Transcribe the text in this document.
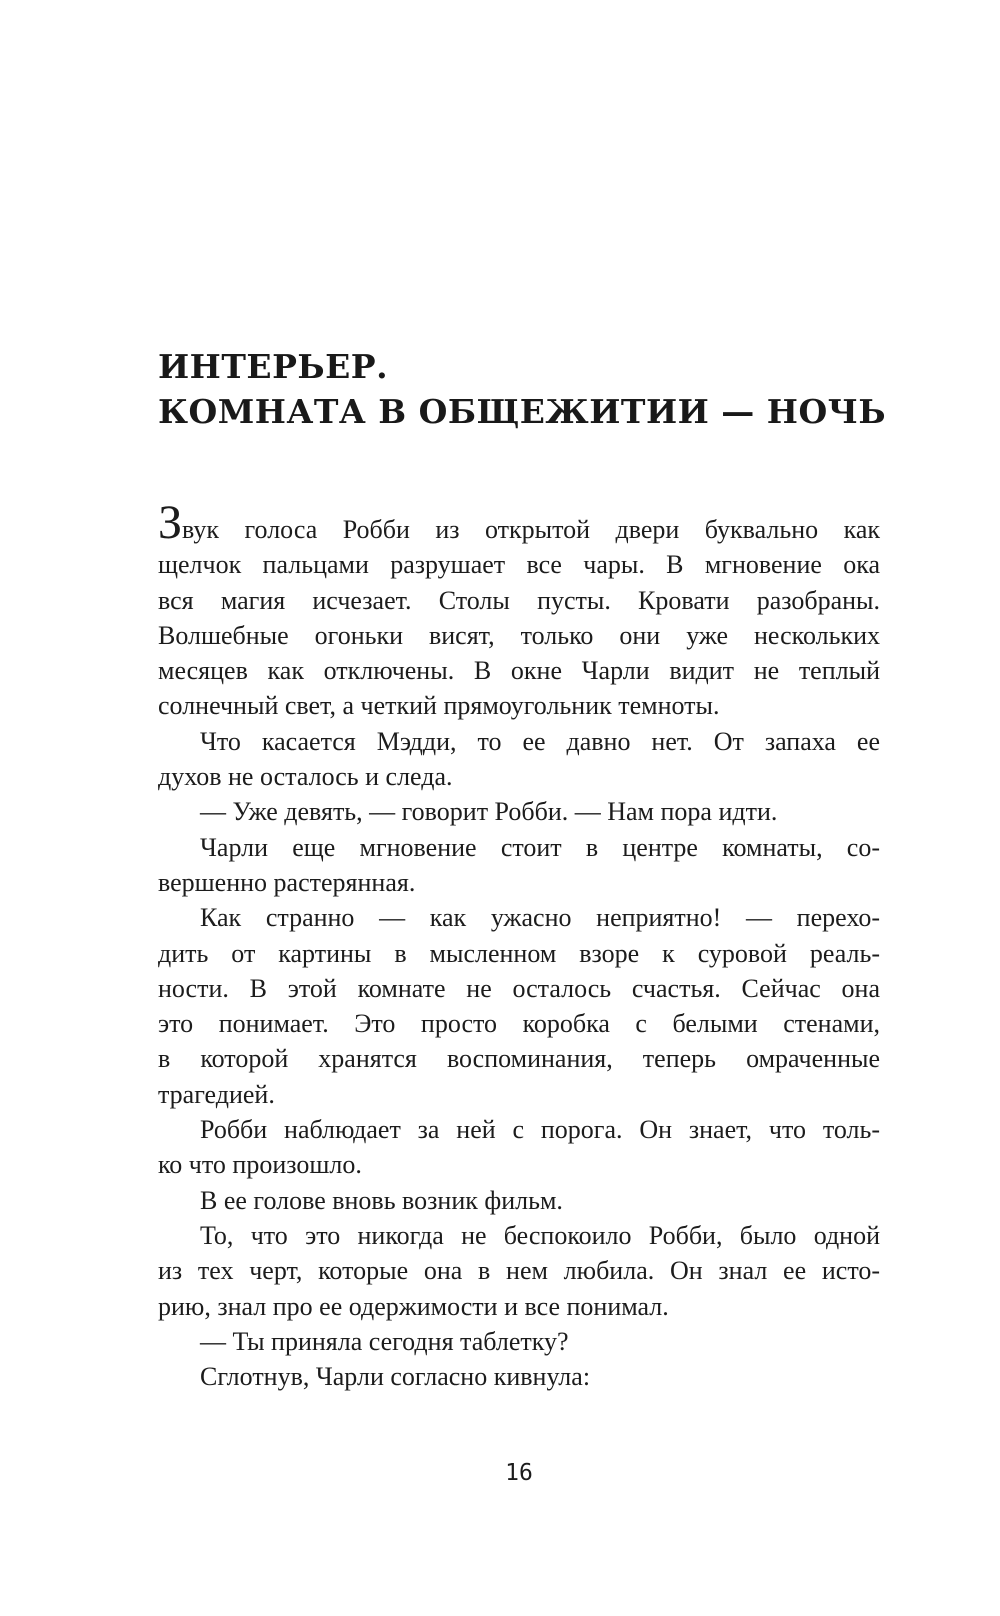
ИНТЕРЬЕР.
КОМНАТА В ОБЩЕЖИТИИ — НОЧЬ
Звук голоса Робби из открытой двери буквально как
щелчок пальцами разрушает все чары. В мгновение ока
вся магия исчезает. Столы пусты. Кровати разобраны.
Волшебные огоньки висят, только они уже нескольких
месяцев как отключены. В окне Чарли видит не теплый
солнечный свет, а четкий прямоугольник темноты.
Что касается Мэдди, то ее давно нет. От запаха ее
духов не осталось и следа.
— Уже девять, — говорит Робби. — Нам пора идти.
Чарли еще мгновение стоит в центре комнаты, со-
вершенно растерянная.
Как странно — как ужасно неприятно! — перехо-
дить от картины в мысленном взоре к суровой реаль-
ности. В этой комнате не осталось счастья. Сейчас она
это понимает. Это просто коробка с белыми стенами,
в которой хранятся воспоминания, теперь омраченные
трагедией.
Робби наблюдает за ней с порога. Он знает, что толь-
ко что произошло.
В ее голове вновь возник фильм.
То, что это никогда не беспокоило Робби, было одной
из тех черт, которые она в нем любила. Он знал ее исто-
рию, знал про ее одержимости и все понимал.
— Ты приняла сегодня таблетку?
Сглотнув, Чарли согласно кивнула:
16
